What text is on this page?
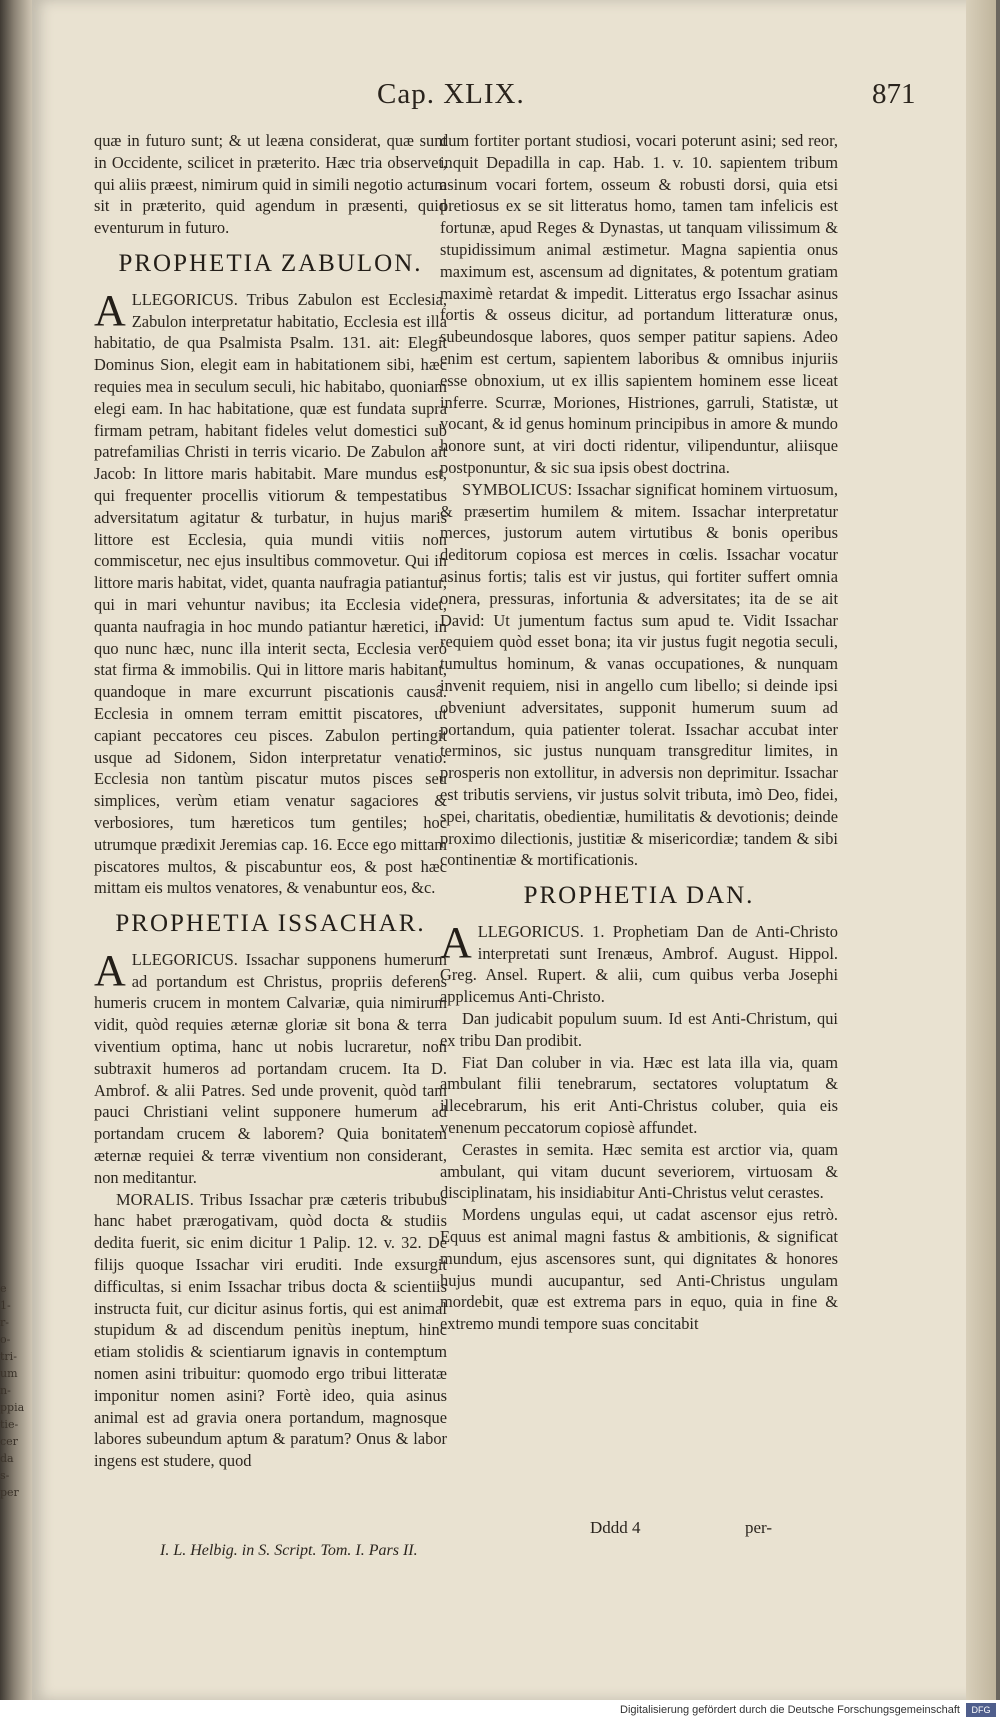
e
1-
r-
o-
tri-
um
n-
ppia
tie-
cer
da
s-
per
Cap. XLIX.	871

quæ in futuro sunt; & ut leæna considerat, quæ sunt in Occidente, scilicet in præterito. Hæc tria observet, qui aliis præest, nimirum quid in simili negotio actum sit in præterito, quid agendum in præsenti, quid eventurum in futuro.

PROPHETIA ZABULON.

ALLEGORICUS. Tribus Zabulon est Ecclesia, Zabulon interpretatur habitatio, Ecclesia est illa habitatio, de qua Psalmista Psalm. 131. ait: Elegit Dominus Sion, elegit eam in habitationem sibi, hæc requies mea in seculum seculi, hic habitabo, quoniam elegi eam. In hac habitatione, quæ est fundata supra firmam petram, habitant fideles velut domestici sub patrefamilias Christi in terris vicario. De Zabulon ait Jacob: In littore maris habitabit. Mare mundus est, qui frequenter procellis vitiorum & tempestatibus adversitatum agitatur & turbatur, in hujus maris littore est Ecclesia, quia mundi vitiis non commiscetur, nec ejus insultibus commovetur. Qui in littore maris habitat, videt, quanta naufragia patiantur, qui in mari vehuntur navibus; ita Ecclesia videt, quanta naufragia in hoc mundo patiantur hæretici, in quo nunc hæc, nunc illa interit secta, Ecclesia verò stat firma & immobilis. Qui in littore maris habitant, quandoque in mare excurrunt piscationis causâ. Ecclesia in omnem terram emittit piscatores, ut capiant peccatores ceu pisces. Zabulon pertingit usque ad Sidonem, Sidon interpretatur venatio: Ecclesia non tantùm piscatur mutos pisces seu simplices, verùm etiam venatur sagaciores & verbosiores, tum hæreticos tum gentiles; hoc utrumque prædixit Jeremias cap. 16. Ecce ego mittam piscatores multos, & piscabuntur eos, & post hæc mittam eis multos venatores, & venabuntur eos, &c.

PROPHETIA ISSACHAR.

ALLEGORICUS. Issachar supponens humerum ad portandum est Christus, propriis deferens humeris crucem in montem Calvariæ, quia nimirum vidit, quòd requies æternæ gloriæ sit bona & terra viventium optima, hanc ut nobis lucraretur, non subtraxit humeros ad portandam crucem. Ita D. Ambrof. & alii Patres. Sed unde provenit, quòd tam pauci Christiani velint supponere humerum ad portandam crucem & laborem? Quia bonitatem æternæ requiei & terræ viventium non considerant, non meditantur.

MORALIS. Tribus Issachar præ cæteris tribubus hanc habet prærogativam, quòd docta & studiis dedita fuerit, sic enim dicitur 1 Palip. 12. v. 32. De filijs quoque Issachar viri eruditi. Inde exsurgit difficultas, si enim Issachar tribus docta & scientiis instructa fuit, cur dicitur asinus fortis, qui est animal stupidum & ad discendum penitùs ineptum, hinc etiam stolidis & scientiarum ignavis in contemptum nomen asini tribuitur: quomodo ergo tribui litteratæ imponitur nomen asini? Fortè ideo, quia asinus animal est ad gravia onera portandum, magnosque labores subeundum aptum & paratum? Onus & labor ingens est studere, quod

dum fortiter portant studiosi, vocari poterunt asini; sed reor, inquit Depadilla in cap. Hab. 1. v. 10. sapientem tribum asinum vocari fortem, osseum & robusti dorsi, quia etsi pretiosus ex se sit litteratus homo, tamen tam infelicis est fortunæ, apud Reges & Dynastas, ut tanquam vilissimum & stupidissimum animal æstimetur. Magna sapientia onus maximum est, ascensum ad dignitates, & potentum gratiam maximè retardat & impedit. Litteratus ergo Issachar asinus fortis & osseus dicitur, ad portandum litteraturæ onus, subeundosque labores, quos semper patitur sapiens. Adeo enim est certum, sapientem laboribus & omnibus injuriis esse obnoxium, ut ex illis sapientem hominem esse liceat inferre. Scurræ, Moriones, Histriones, garruli, Statistæ, ut vocant, & id genus hominum principibus in amore & mundo honore sunt, at viri docti ridentur, vilipenduntur, aliisque postponuntur, & sic sua ipsis obest doctrina.

SYMBOLICUS: Issachar significat hominem virtuosum, & præsertim humilem & mitem. Issachar interpretatur merces, justorum autem virtutibus & bonis operibus deditorum copiosa est merces in cœlis. Issachar vocatur asinus fortis; talis est vir justus, qui fortiter suffert omnia onera, pressuras, infortunia & adversitates; ita de se ait David: Ut jumentum factus sum apud te. Vidit Issachar requiem quòd esset bona; ita vir justus fugit negotia seculi, tumultus hominum, & vanas occupationes, & nunquam invenit requiem, nisi in angello cum libello; si deinde ipsi obveniunt adversitates, supponit humerum suum ad portandum, quia patienter tolerat. Issachar accubat inter terminos, sic justus nunquam transgreditur limites, in prosperis non extollitur, in adversis non deprimitur. Issachar est tributis serviens, vir justus solvit tributa, imò Deo, fidei, spei, charitatis, obedientiæ, humilitatis & devotionis; deinde proximo dilectionis, justitiæ & misericordiæ; tandem & sibi continentiæ & mortificationis.

PROPHETIA DAN.

ALLEGORICUS. 1. Prophetiam Dan de Anti-Christo interpretati sunt Irenæus, Ambrof. August. Hippol. Greg. Ansel. Rupert. & alii, cum quibus verba Josephi applicemus Anti-Christo.

Dan judicabit populum suum. Id est Anti-Christum, qui ex tribu Dan prodibit.

Fiat Dan coluber in via. Hæc est lata illa via, quam ambulant filii tenebrarum, sectatores voluptatum & illecebrarum, his erit Anti-Christus coluber, quia eis venenum peccatorum copiosè affundet.

Cerastes in semita. Hæc semita est arctior via, quam ambulant, qui vitam ducunt severiorem, virtuosam & disciplinatam, his insidiabitur Anti-Christus velut cerastes.

Mordens ungulas equi, ut cadat ascensor ejus retrò. Equus est animal magni fastus & ambitionis, & significat mundum, ejus ascensores sunt, qui dignitates & honores hujus mundi aucupantur, sed Anti-Christus ungulam mordebit, quæ est extrema pars in equo, quia in fine & extremo mundi tempore suas concitabit

I. L. Helbig. in S. Script. Tom. I. Pars II.
Dddd 4	per-
Digitalisierung gefördert durch die Deutsche Forschungsgemeinschaft	DFG
